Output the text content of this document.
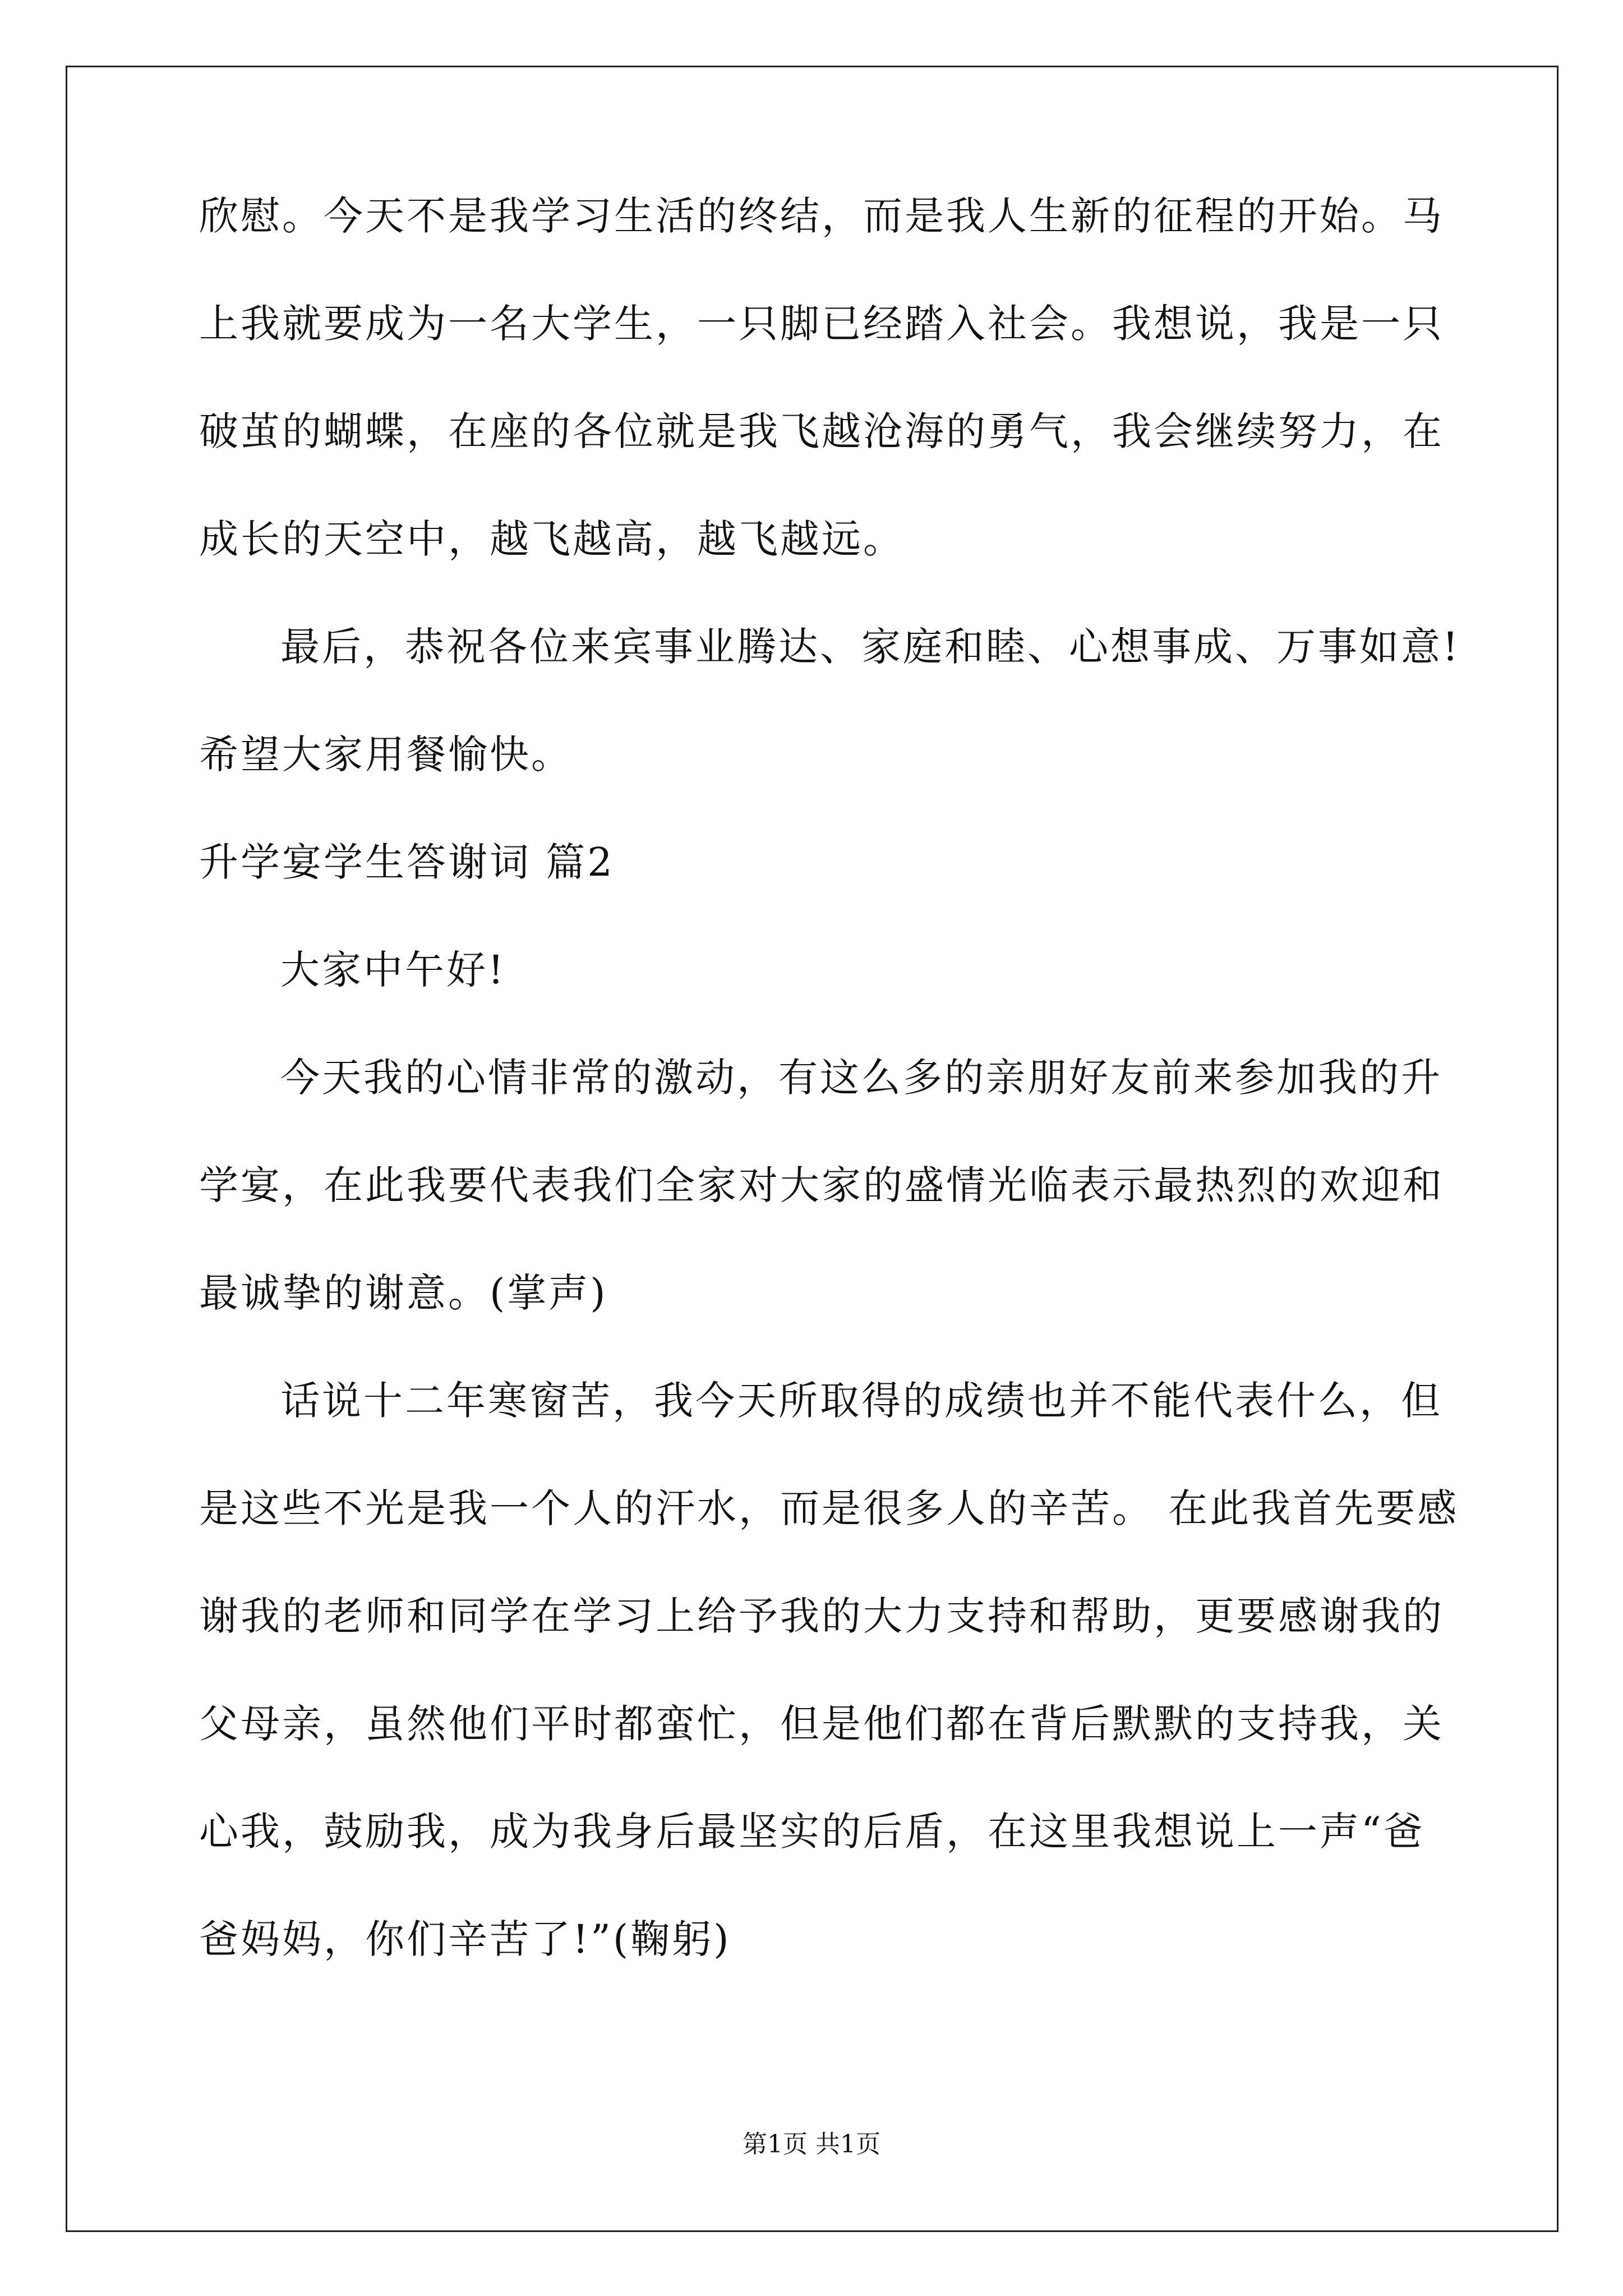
欣慰。今天不是我学习生活的终结，而是我人生新的征程的开始。马
上我就要成为一名大学生，一只脚已经踏入社会。我想说，我是一只
破茧的蝴蝶，在座的各位就是我飞越沧海的勇气，我会继续努力，在
成长的天空中，越飞越高，越飞越远。
最后，恭祝各位来宾事业腾达、家庭和睦、心想事成、万事如意!
希望大家用餐愉快。
升学宴学生答谢词 篇2
大家中午好!
今天我的心情非常的激动，有这么多的亲朋好友前来参加我的升
学宴，在此我要代表我们全家对大家的盛情光临表示最热烈的欢迎和
最诚挚的谢意。(掌声)
话说十二年寒窗苦，我今天所取得的成绩也并不能代表什么，但
是这些不光是我一个人的汗水，而是很多人的辛苦。 在此我首先要感
谢我的老师和同学在学习上给予我的大力支持和帮助，更要感谢我的
父母亲，虽然他们平时都蛮忙，但是他们都在背后默默的支持我，关
心我，鼓励我，成为我身后最坚实的后盾，在这里我想说上一声“爸
爸妈妈，你们辛苦了!”(鞠躬)
第1页 共1页
